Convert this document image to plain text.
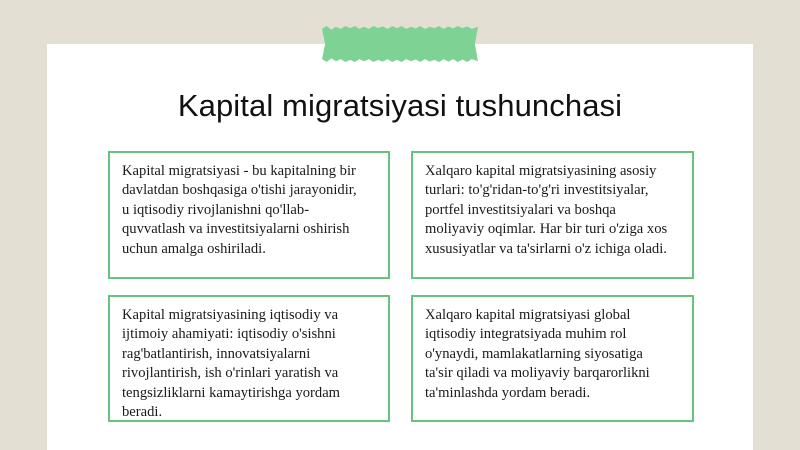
Kapital migratsiyasi tushunchasi

Kapital migratsiyasi - bu kapitalning bir
davlatdan boshqasiga o'tishi jarayonidir,
u iqtisodiy rivojlanishni qo'llab-
quvvatlash va investitsiyalarni oshirish
uchun amalga oshiriladi.

Xalqaro kapital migratsiyasining asosiy
turlari: to'g'ridan-to'g'ri investitsiyalar,
portfel investitsiyalari va boshqa
moliyaviy oqimlar. Har bir turi o'ziga xos
xususiyatlar va ta'sirlarni o'z ichiga oladi.

Kapital migratsiyasining iqtisodiy va
ijtimoiy ahamiyati: iqtisodiy o'sishni
rag'batlantirish, innovatsiyalarni
rivojlantirish, ish o'rinlari yaratish va
tengsizliklarni kamaytirishga yordam
beradi.

Xalqaro kapital migratsiyasi global
iqtisodiy integratsiyada muhim rol
o'ynaydi, mamlakatlarning siyosatiga
ta'sir qiladi va moliyaviy barqarorlikni
ta'minlashda yordam beradi.
